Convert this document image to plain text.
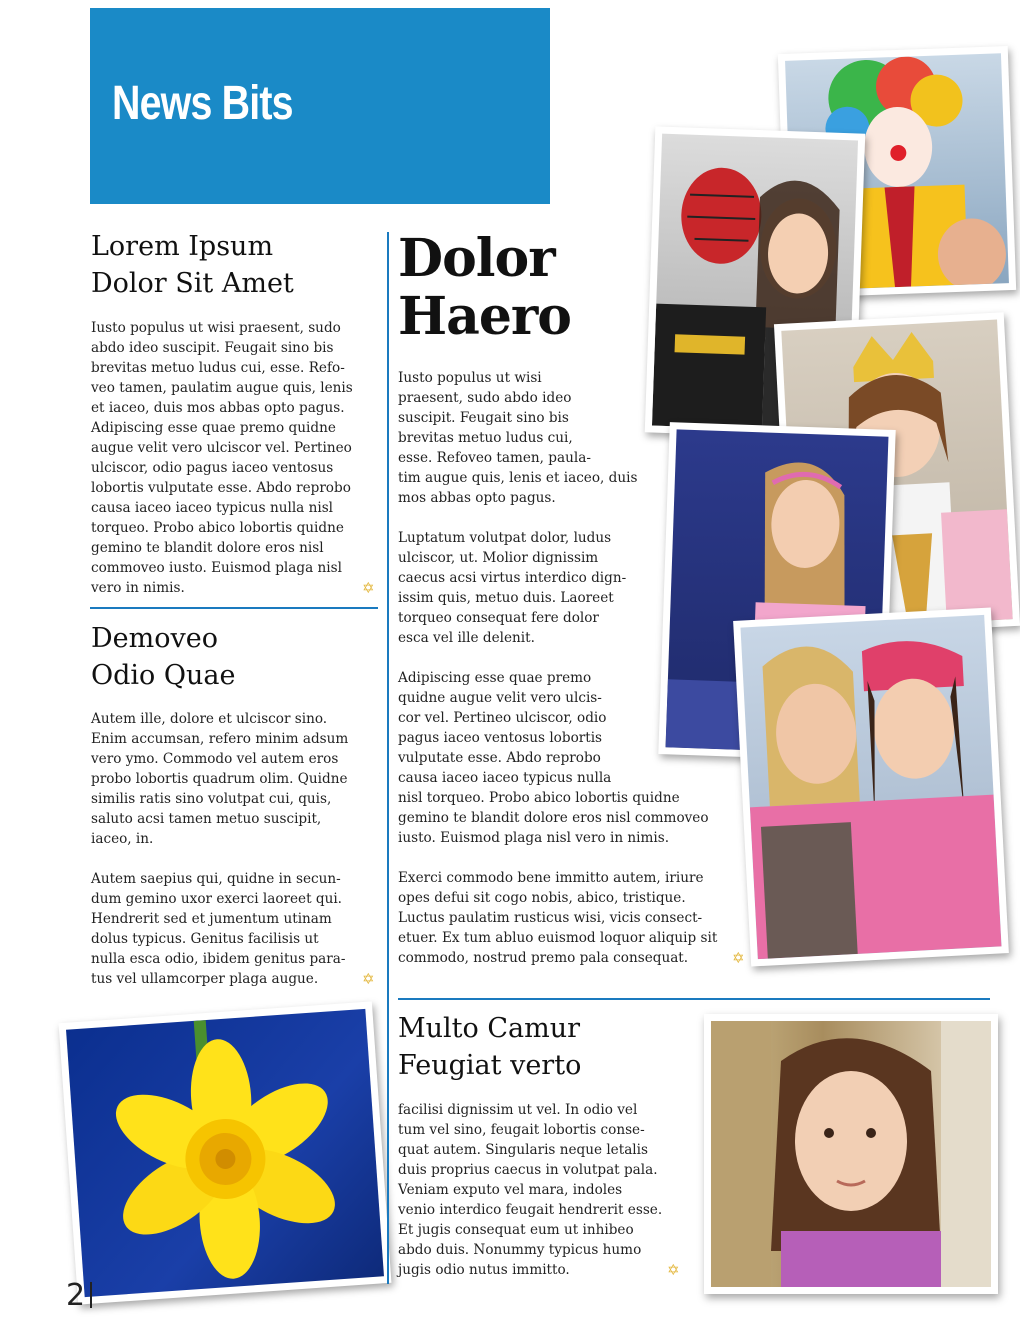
News Bits
Lorem Ipsum
Dolor Sit Amet
Iusto populus ut wisi praesent, sudo
abdo ideo suscipit. Feugait sino bis
brevitas metuo ludus cui, esse. Refo-
veo tamen, paulatim augue quis, lenis
et iaceo, duis mos abbas opto pagus.
Adipiscing esse quae premo quidne
augue velit vero ulciscor vel. Pertineo
ulciscor, odio pagus iaceo ventosus
lobortis vulputate esse. Abdo reprobo
causa iaceo iaceo typicus nulla nisl
torqueo. Probo abico lobortis quidne
gemino te blandit dolore eros nisl
commoveo iusto. Euismod plaga nisl
vero in nimis.	✡
Demoveo
Odio Quae
Autem ille, dolore et ulciscor sino.
Enim accumsan, refero minim adsum
vero ymo. Commodo vel autem eros
probo lobortis quadrum olim. Quidne
similis ratis sino volutpat cui, quis,
saluto acsi tamen metuo suscipit,
iaceo, in.
Autem saepius qui, quidne in secun-
dum gemino uxor exerci laoreet qui.
Hendrerit sed et jumentum utinam
dolus typicus. Genitus facilisis ut
nulla esca odio, ibidem genitus para-
tus vel ullamcorper plaga augue.	✡
Dolor
Haero
Iusto populus ut wisi
praesent, sudo abdo ideo
suscipit. Feugait sino bis
brevitas metuo ludus cui,
esse. Refoveo tamen, paula-
tim augue quis, lenis et iaceo, duis
mos abbas opto pagus.
Luptatum volutpat dolor, ludus
ulciscor, ut. Molior dignissim
caecus acsi virtus interdico dign-
issim quis, metuo duis. Laoreet
torqueo consequat fere dolor
esca vel ille delenit.
Adipiscing esse quae premo
quidne augue velit vero ulcis-
cor vel. Pertineo ulciscor, odio
pagus iaceo ventosus lobortis
vulputate esse. Abdo reprobo
causa iaceo iaceo typicus nulla
nisl torqueo. Probo abico lobortis quidne
gemino te blandit dolore eros nisl commoveo
iusto. Euismod plaga nisl vero in nimis.
Exerci commodo bene immitto autem, iriure
opes defui sit cogo nobis, abico, tristique.
Luctus paulatim rusticus wisi, vicis consect-
etuer. Ex tum abluo euismod loquor aliquip sit
commodo, nostrud premo pala consequat.	✡
Multo Camur
Feugiat verto
facilisi dignissim ut vel. In odio vel
tum vel sino, feugait lobortis conse-
quat autem. Singularis neque letalis
duis proprius caecus in volutpat pala.
Veniam exputo vel mara, indoles
venio interdico feugait hendrerit esse.
Et jugis consequat eum ut inhibeo
abdo duis. Nonummy typicus humo
jugis odio nutus immitto.	✡
2
